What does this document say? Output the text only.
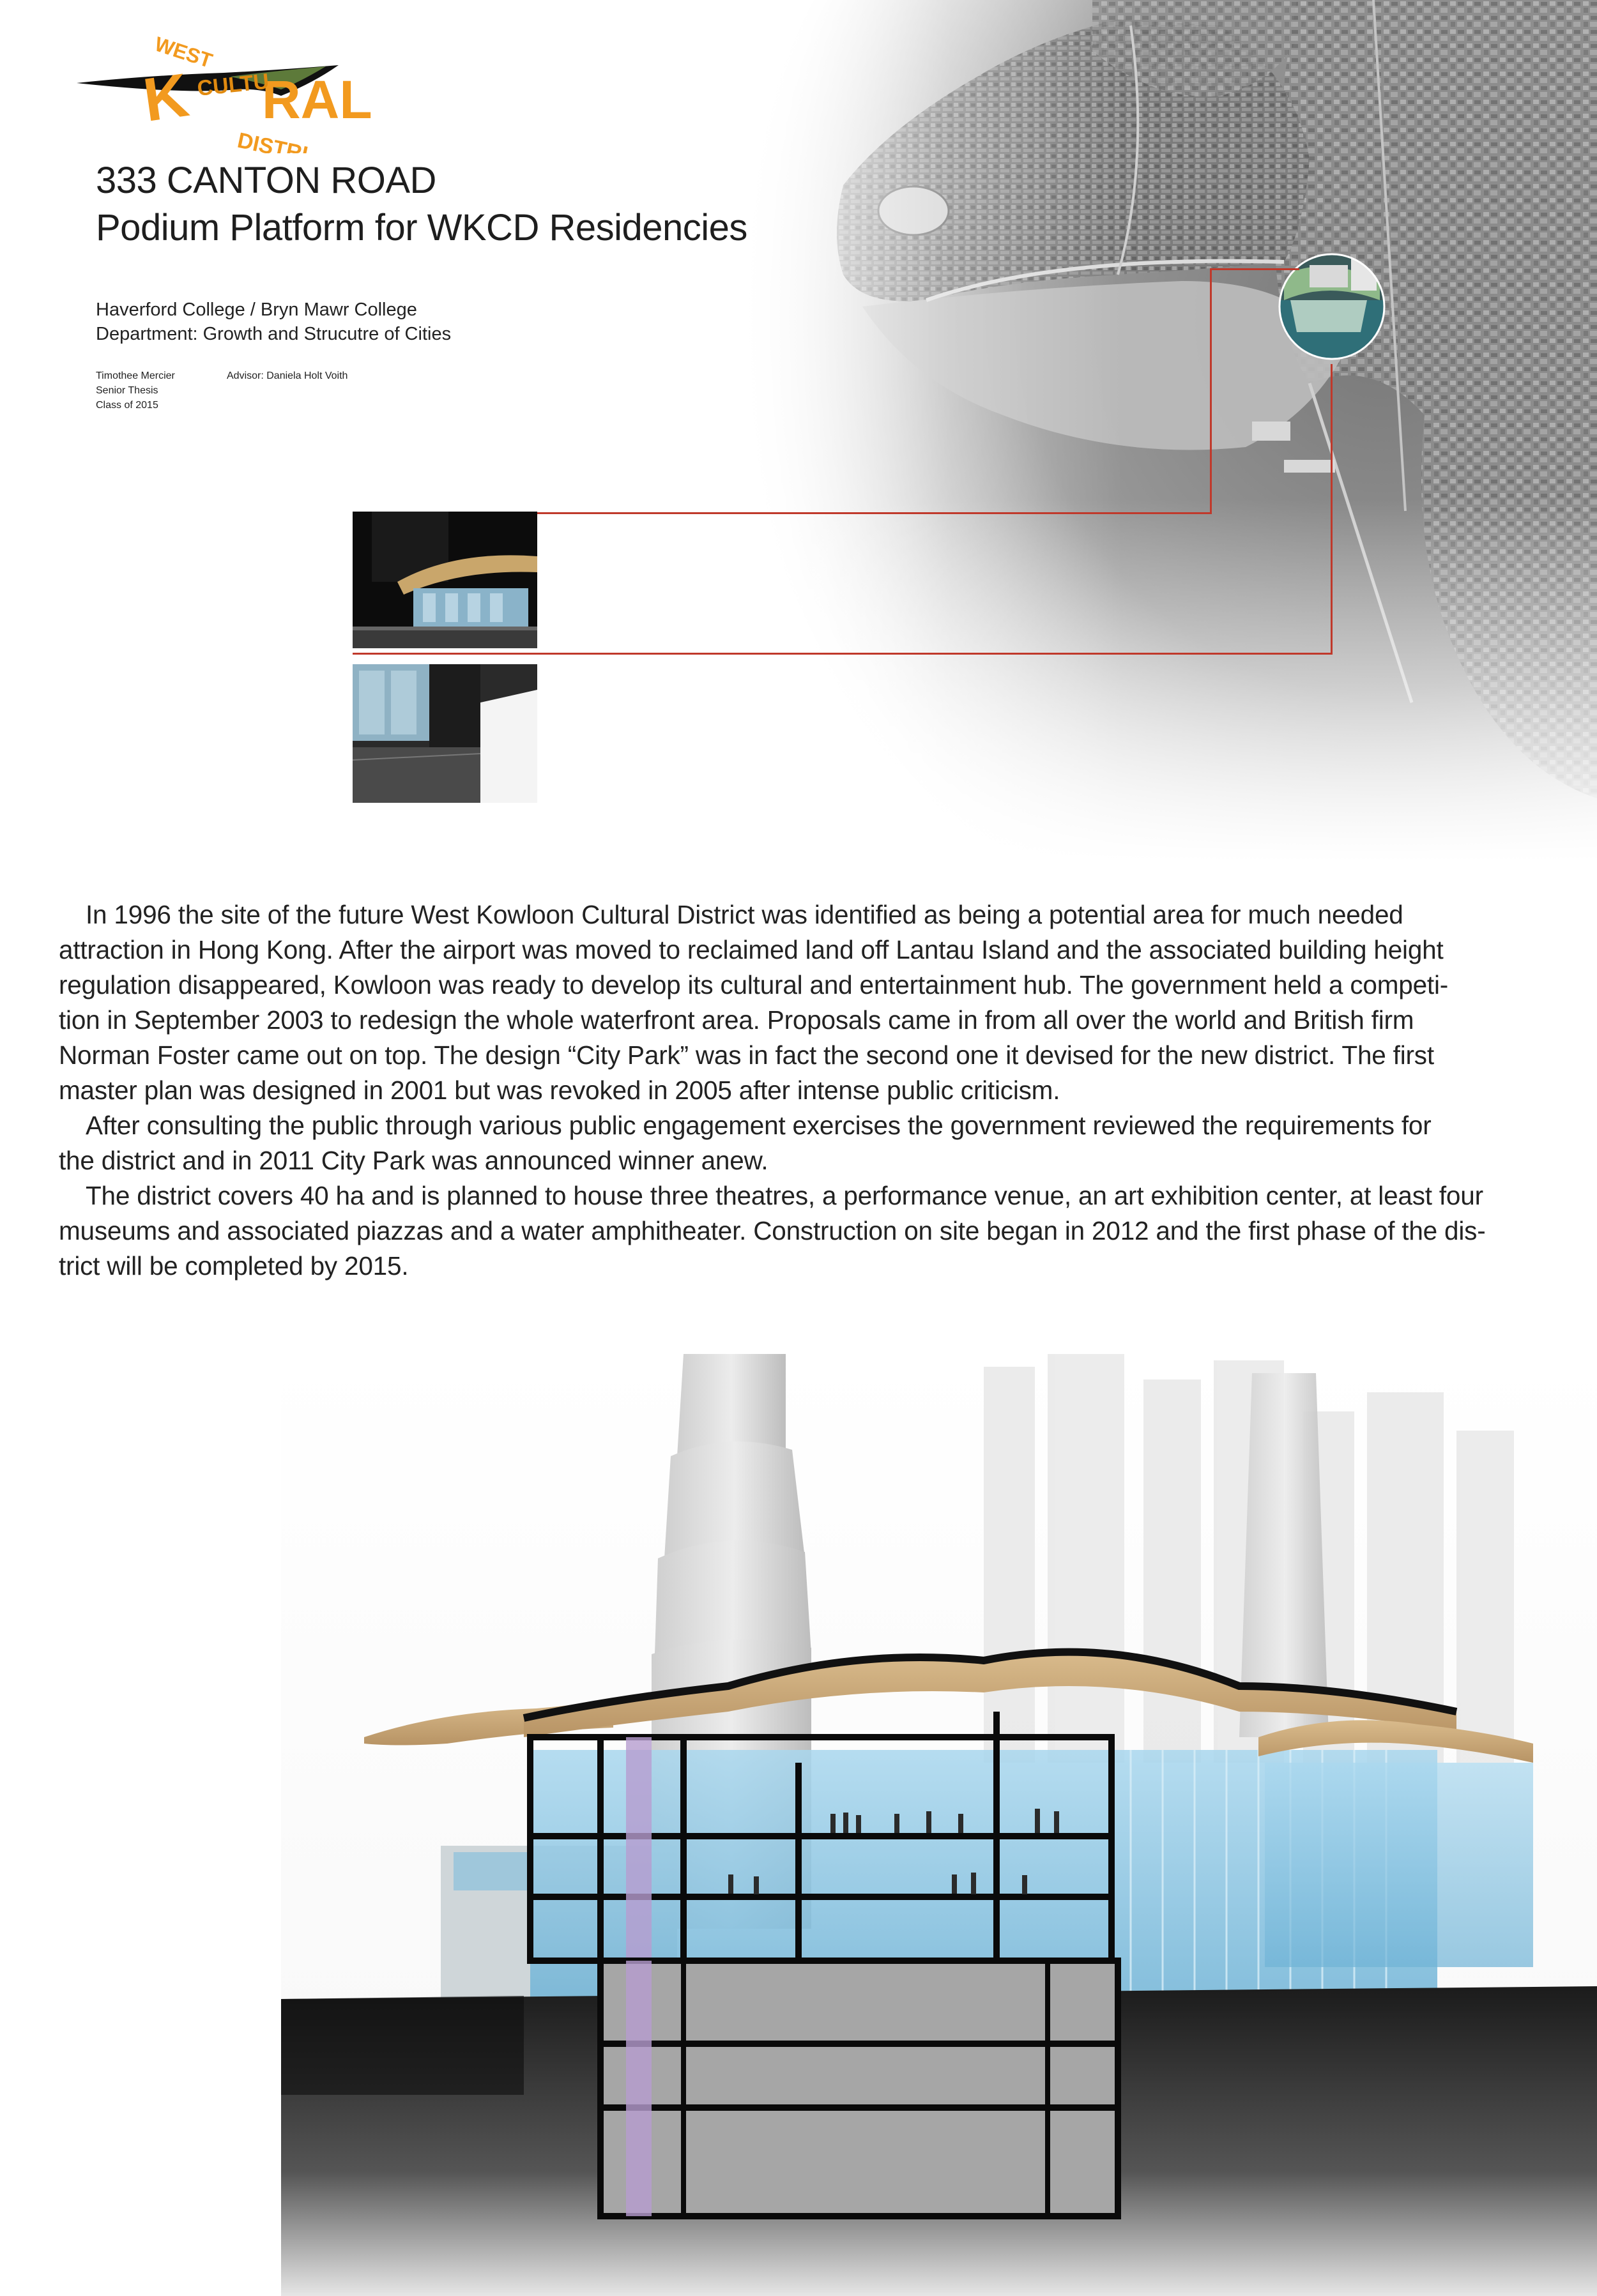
WEST
K RAL
CULTU
DISTRI
333 CANTON ROAD
Podium Platform for WKCD Residencies
Haverford College / Bryn Mawr College
Department: Growth and Strucutre of Cities
Timothee Mercier
Senior Thesis
Class of 2015
Advisor: Daniela Holt Voith

In 1996 the site of the future West Kowloon Cultural District was identified as being a potential area for much needed
attraction in Hong Kong. After the airport was moved to reclaimed land off Lantau Island and the associated building height
regulation disappeared, Kowloon was ready to develop its cultural and entertainment hub. The government held a competi-
tion in September 2003 to redesign the whole waterfront area. Proposals came in from all over the world and British firm
Norman Foster came out on top. The design “City Park” was in fact the second one it devised for the new district. The first
master plan was designed in 2001 but was revoked in 2005 after intense public criticism.

After consulting the public through various public engagement exercises the government reviewed the requirements for
the district and in 2011 City Park was announced winner anew.

The district covers 40 ha and is planned to house three theatres, a performance venue, an art exhibition center, at least four
museums and associated piazzas and a water amphitheater. Construction on site began in 2012 and the first phase of the dis-
trict will be completed by 2015.
